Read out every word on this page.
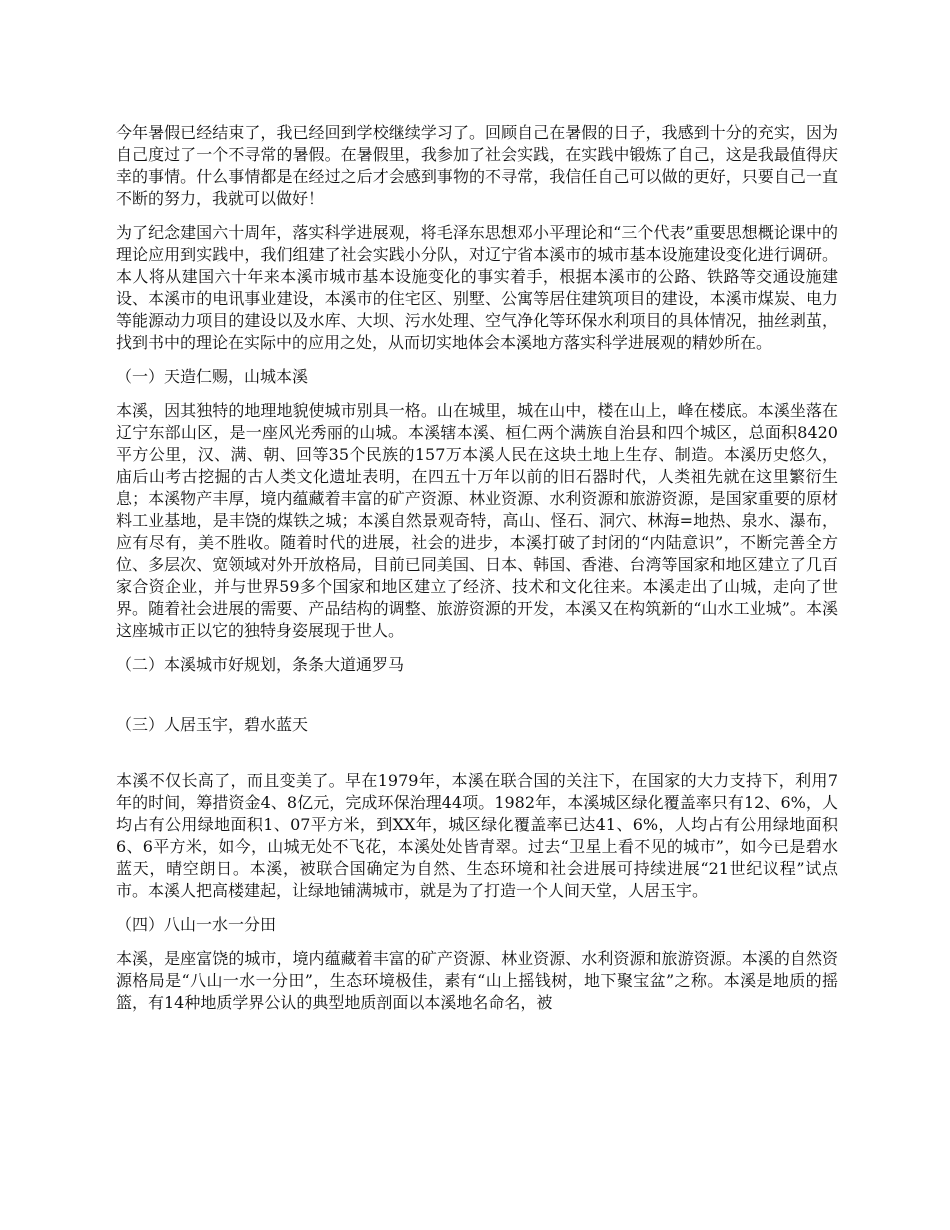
今年暑假已经结束了，我已经回到学校继续学习了。回顾自己在暑假的日子，我感到十分的充实，因为自己度过了一个不寻常的暑假。在暑假里，我参加了社会实践，在实践中锻炼了自己，这是我最值得庆幸的事情。什么事情都是在经过之后才会感到事物的不寻常，我信任自己可以做的更好，只要自己一直不断的努力，我就可以做好！

为了纪念建国六十周年，落实科学进展观，将毛泽东思想邓小平理论和“三个代表”重要思想概论课中的理论应用到实践中，我们组建了社会实践小分队，对辽宁省本溪市的城市基本设施建设变化进行调研。本人将从建国六十年来本溪市城市基本设施变化的事实着手，根据本溪市的公路、铁路等交通设施建设、本溪市的电讯事业建设，本溪市的住宅区、别墅、公寓等居住建筑项目的建设，本溪市煤炭、电力等能源动力项目的建设以及水库、大坝、污水处理、空气净化等环保水利项目的具体情况，抽丝剥茧，找到书中的理论在实际中的应用之处，从而切实地体会本溪地方落实科学进展观的精妙所在。

（一）天造仁赐，山城本溪

本溪，因其独特的地理地貌使城市别具一格。山在城里，城在山中，楼在山上，峰在楼底。本溪坐落在辽宁东部山区，是一座风光秀丽的山城。本溪辖本溪、桓仁两个满族自治县和四个城区，总面积8420平方公里，汉、满、朝、回等35个民族的157万本溪人民在这块土地上生存、制造。本溪历史悠久，庙后山考古挖掘的古人类文化遗址表明，在四五十万年以前的旧石器时代，人类祖先就在这里繁衍生息；本溪物产丰厚，境内蕴藏着丰富的矿产资源、林业资源、水利资源和旅游资源，是国家重要的原材料工业基地，是丰饶的煤铁之城；本溪自然景观奇特，高山、怪石、洞穴、林海=地热、泉水、瀑布，应有尽有，美不胜收。随着时代的进展，社会的进步，本溪打破了封闭的“内陆意识”，不断完善全方位、多层次、宽领域对外开放格局，目前已同美国、日本、韩国、香港、台湾等国家和地区建立了几百家合资企业，并与世界59多个国家和地区建立了经济、技术和文化往来。本溪走出了山城，走向了世界。随着社会进展的需要、产品结构的调整、旅游资源的开发，本溪又在构筑新的“山水工业城”。本溪这座城市正以它的独特身姿展现于世人。

（二）本溪城市好规划，条条大道通罗马

（三）人居玉宇，碧水蓝天

本溪不仅长高了，而且变美了。早在1979年，本溪在联合国的关注下，在国家的大力支持下，利用7年的时间，筹措资金4、8亿元，完成环保治理44项。1982年，本溪城区绿化覆盖率只有12、6%，人均占有公用绿地面积1、07平方米，到XX年，城区绿化覆盖率已达41、6%，人均占有公用绿地面积6、6平方米，如今，山城无处不飞花，本溪处处皆青翠。过去“卫星上看不见的城市”，如今已是碧水蓝天，晴空朗日。本溪，被联合国确定为自然、生态环境和社会进展可持续进展“21世纪议程”试点市。本溪人把高楼建起，让绿地铺满城市，就是为了打造一个人间天堂，人居玉宇。

（四）八山一水一分田

本溪，是座富饶的城市，境内蕴藏着丰富的矿产资源、林业资源、水利资源和旅游资源。本溪的自然资源格局是“八山一水一分田”，生态环境极佳，素有“山上摇钱树，地下聚宝盆”之称。本溪是地质的摇篮，有14种地质学界公认的典型地质剖面以本溪地名命名，被
